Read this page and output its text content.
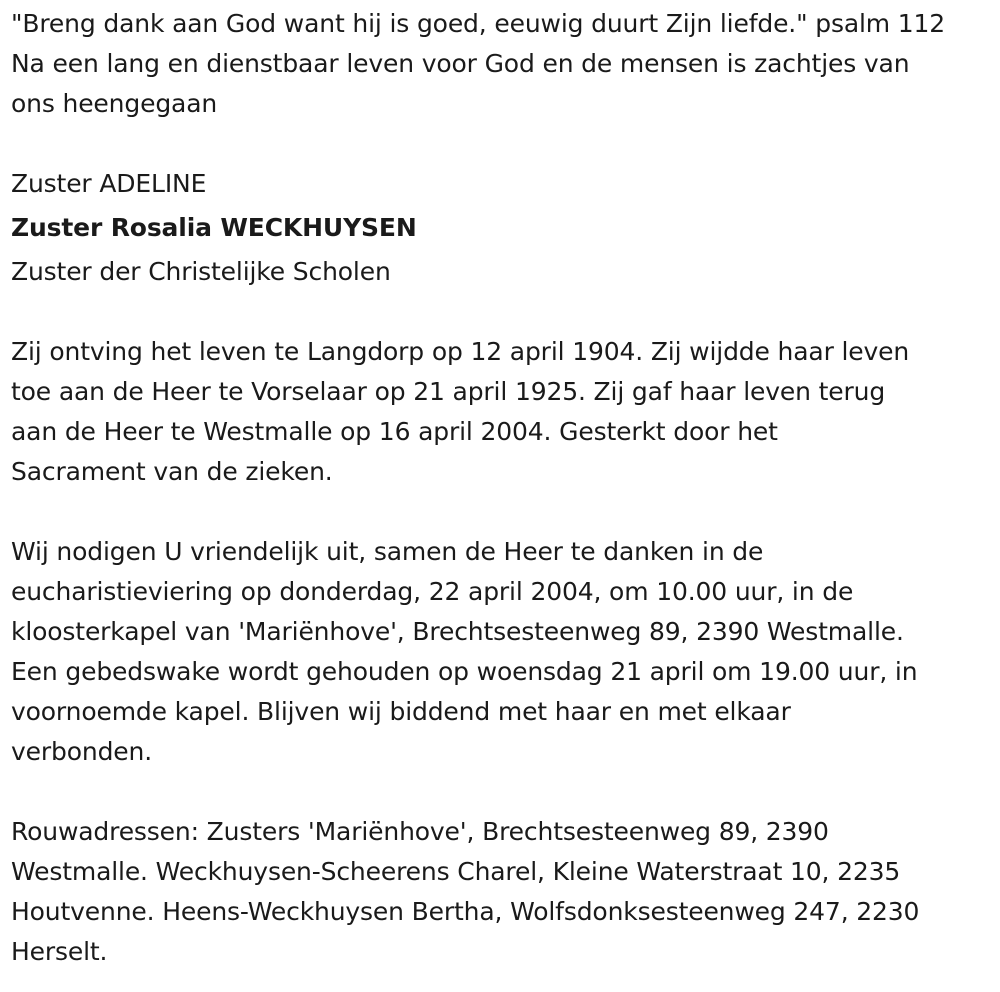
"Breng dank aan God want hij is goed, eeuwig duurt Zijn liefde." psalm 112

Na een lang en dienstbaar leven voor God en de mensen is zachtjes van

ons heengegaan

Zuster ADELINE

Zuster Rosalia WECKHUYSEN

Zuster der Christelijke Scholen

Zij ontving het leven te Langdorp op 12 april 1904. Zij wijdde haar leven

toe aan de Heer te Vorselaar op 21 april 1925. Zij gaf haar leven terug

aan de Heer te Westmalle op 16 april 2004. Gesterkt door het

Sacrament van de zieken.

Wij nodigen U vriendelijk uit, samen de Heer te danken in de

eucharistieviering op donderdag, 22 april 2004, om 10.00 uur, in de

kloosterkapel van 'Mariënhove', Brechtsesteenweg 89, 2390 Westmalle.

Een gebedswake wordt gehouden op woensdag 21 april om 19.00 uur, in

voornoemde kapel. Blijven wij biddend met haar en met elkaar

verbonden.

Rouwadressen: Zusters 'Mariënhove', Brechtsesteenweg 89, 2390

Westmalle. Weckhuysen-Scheerens Charel, Kleine Waterstraat 10, 2235

Houtvenne. Heens-Weckhuysen Bertha, Wolfsdonksesteenweg 247, 2230

Herselt.
